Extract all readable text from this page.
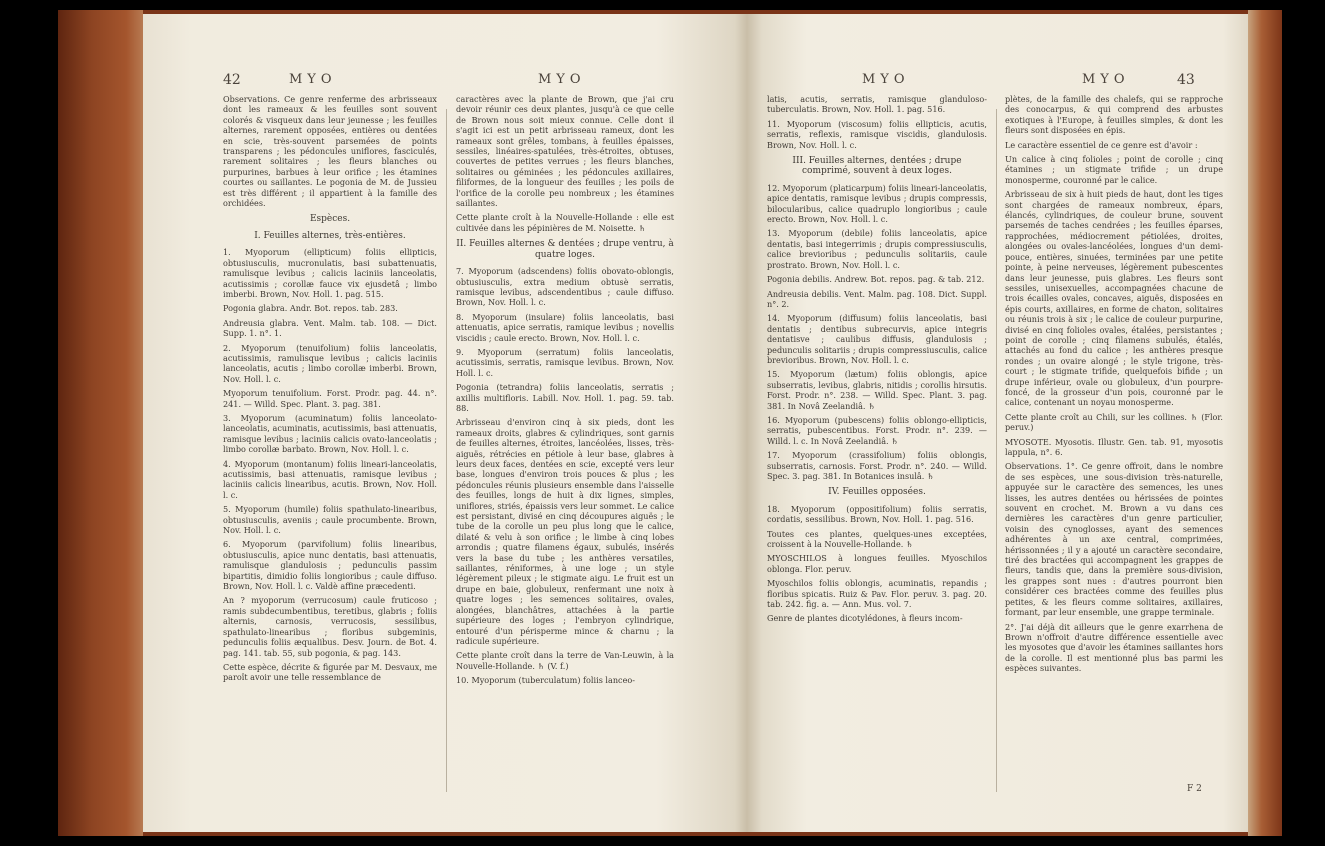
42	MYO	MYO

Observations. Ce genre renferme des arbrisseaux dont les rameaux & les feuilles sont souvent colorés & visqueux dans leur jeunesse ; les feuilles alternes, rarement opposées, entières ou dentées en scie, très-souvent parsemées de points transparens ; les pédoncules uniflores, fasciculés, rarement solitaires ; les fleurs blanches ou purpurines, barbues à leur orifice ; les étamines courtes ou saillantes. Le pogonia de M. de Jussieu est très différent ; il appartient à la famille des orchidées.

Espèces.

I. Feuilles alternes, très-entières.

1. Myoporum (ellipticum) foliis ellipticis, obtusiusculis, mucronulatis, basi subattenuatis, ramulisque levibus ; calicis laciniis lanceolatis, acutissimis ; corollæ fauce vix ejusdetâ ; limbo imberbi. Brown, Nov. Holl. 1. pag. 515.

Pogonia glabra. Andr. Bot. repos. tab. 283.

Andreusia glabra. Vent. Malm. tab. 108. — Dict. Supp. 1. n°. 1.

2. Myoporum (tenuifolium) foliis lanceolatis, acutissimis, ramulisque levibus ; calicis laciniis lanceolatis, acutis ; limbo corollæ imberbi. Brown, Nov. Holl. l. c.

Myoporum tenuifolium. Forst. Prodr. pag. 44. n°. 241. — Willd. Spec. Plant. 3. pag. 381.

3. Myoporum (acuminatum) foliis lanceolato-lanceolatis, acuminatis, acutissimis, basi attenuatis, ramisque levibus ; laciniis calicis ovato-lanceolatis ; limbo corollæ barbato. Brown, Nov. Holl. l. c.

4. Myoporum (montanum) foliis lineari-lanceolatis, acutissimis, basi attenuatis, ramisque levibus ; laciniis calicis linearibus, acutis. Brown, Nov. Holl. l. c.

5. Myoporum (humile) foliis spathulato-linearibus, obtusiusculis, aveniis ; caule procumbente. Brown, Nov. Holl. l. c.

6. Myoporum (parvifolium) foliis linearibus, obtusiusculis, apice nunc dentatis, basi attenuatis, ramulisque glandulosis ; pedunculis passim bipartitis, dimidio foliis longioribus ; caule diffuso. Brown, Nov. Holl. l. c. Valdè affine præcedenti.

An ? myoporum (verrucosum) caule fruticoso ; ramis subdecumbentibus, teretibus, glabris ; foliis alternis, carnosis, verrucosis, sessilibus, spathulato-linearibus ; floribus subgeminis, pedunculis foliis æqualibus. Desv. Journ. de Bot. 4. pag. 141. tab. 55, sub pogonia, & pag. 143.

Cette espèce, décrite & figurée par M. Desvaux, me paroît avoir une telle ressemblance de

caractères avec la plante de Brown, que j'ai cru devoir réunir ces deux plantes, jusqu'à ce que celle de Brown nous soit mieux connue. Celle dont il s'agit ici est un petit arbrisseau rameux, dont les rameaux sont grêles, tombans, à feuilles épaisses, sessiles, linéaires-spatulées, très-étroites, obtuses, couvertes de petites verrues ; les fleurs blanches, solitaires ou géminées ; les pédoncules axillaires, filiformes, de la longueur des feuilles ; les poils de l'orifice de la corolle peu nombreux ; les étamines saillantes.

Cette plante croît à la Nouvelle-Hollande : elle est cultivée dans les pépinières de M. Noisette. ♄

II. Feuilles alternes & dentées ; drupe ventru, à quatre loges.

7. Myoporum (adscendens) foliis obovato-oblongis, obtusiusculis, extra medium obtusè serratis, ramisque levibus, adscendentibus ; caule diffuso. Brown, Nov. Holl. l. c.

8. Myoporum (insulare) foliis lanceolatis, basi attenuatis, apice serratis, ramique levibus ; novellis viscidis ; caule erecto. Brown, Nov. Holl. l. c.

9. Myoporum (serratum) foliis lanceolatis, acutissimis, serratis, ramisque levibus. Brown, Nov. Holl. l. c.

Pogonia (tetrandra) foliis lanceolatis, serratis ; axillis multifloris. Labill. Nov. Holl. 1. pag. 59. tab. 88.

Arbrisseau d'environ cinq à six pieds, dont les rameaux droits, glabres & cylindriques, sont garnis de feuilles alternes, étroites, lancéolées, lisses, très-aiguës, rétrécies en pétiole à leur base, glabres à leurs deux faces, dentées en scie, excepté vers leur base, longues d'environ trois pouces & plus ; les pédoncules réunis plusieurs ensemble dans l'aisselle des feuilles, longs de huit à dix lignes, simples, uniflores, striés, épaissis vers leur sommet. Le calice est persistant, divisé en cinq découpures aiguës ; le tube de la corolle un peu plus long que le calice, dilaté & velu à son orifice ; le limbe à cinq lobes arrondis ; quatre filamens égaux, subulés, insérés vers la base du tube ; les anthères versatiles, saillantes, réniformes, à une loge ; un style légèrement pileux ; le stigmate aigu. Le fruit est un drupe en baie, globuleux, renfermant une noix à quatre loges ; les semences solitaires, ovales, alongées, blanchâtres, attachées à la partie supérieure des loges ; l'embryon cylindrique, entouré d'un périsperme mince & charnu ; la radicule supérieure.

Cette plante croît dans la terre de Van-Leuwin, à la Nouvelle-Hollande. ♄ (V. f.)

10. Myoporum (tuberculatum) foliis lanceo-

MYO	MYO	43

latis, acutis, serratis, ramisque glanduloso-tuberculatis. Brown, Nov. Holl. 1. pag. 516.

11. Myoporum (viscosum) foliis ellipticis, acutis, serratis, reflexis, ramisque viscidis, glandulosis. Brown, Nov. Holl. l. c.

III. Feuilles alternes, dentées ; drupe comprimé, souvent à deux loges.

12. Myoporum (platicarpum) foliis lineari-lanceolatis, apice dentatis, ramisque levibus ; drupis compressis, bilocularibus, calice quadruplo longioribus ; caule erecto. Brown, Nov. Holl. l. c.

13. Myoporum (debile) foliis lanceolatis, apice dentatis, basi integerrimis ; drupis compressiusculis, calice brevioribus ; pedunculis solitariis, caule prostrato. Brown, Nov. Holl. l. c.

Pogonia debilis. Andrew. Bot. repos. pag. & tab. 212.

Andreusia debilis. Vent. Malm. pag. 108. Dict. Suppl. n°. 2.

14. Myoporum (diffusum) foliis lanceolatis, basi dentatis ; dentibus subrecurvis, apice integris dentatisve ; caulibus diffusis, glandulosis ; pedunculis solitariis ; drupis compressiusculis, calice brevioribus. Brown, Nov. Holl. l. c.

15. Myoporum (lætum) foliis oblongis, apice subserratis, levibus, glabris, nitidis ; corollis hirsutis. Forst. Prodr. n°. 238. — Willd. Spec. Plant. 3. pag. 381. In Novâ Zeelandiâ. ♄

16. Myoporum (pubescens) foliis oblongo-ellipticis, serratis, pubescentibus. Forst. Prodr. n°. 239. — Willd. l. c. In Novâ Zeelandiâ. ♄

17. Myoporum (crassifolium) foliis oblongis, subserratis, carnosis. Forst. Prodr. n°. 240. — Willd. Spec. 3. pag. 381. In Botanices insulâ. ♄

IV. Feuilles opposées.

18. Myoporum (oppositifolium) foliis serratis, cordatis, sessilibus. Brown, Nov. Holl. 1. pag. 516.

Toutes ces plantes, quelques-unes exceptées, croissent à la Nouvelle-Hollande. ♄

MYOSCHILOS à longues feuilles. Myoschilos oblonga. Flor. peruv.

Myoschilos foliis oblongis, acuminatis, repandis ; floribus spicatis. Ruiz & Pav. Flor. peruv. 3. pag. 20. tab. 242. fig. a. — Ann. Mus. vol. 7.

Genre de plantes dicotylédones, à fleurs incom-

plètes, de la famille des chalefs, qui se rapproche des conocarpus, & qui comprend des arbustes exotiques à l'Europe, à feuilles simples, & dont les fleurs sont disposées en épis.

Le caractère essentiel de ce genre est d'avoir :

Un calice à cinq folioles ; point de corolle ; cinq étamines ; un stigmate trifide ; un drupe monosperme, couronné par le calice.

Arbrisseau de six à huit pieds de haut, dont les tiges sont chargées de rameaux nombreux, épars, élancés, cylindriques, de couleur brune, souvent parsemés de taches cendrées ; les feuilles éparses, rapprochées, médiocrement pétiolées, droites, alongées ou ovales-lancéolées, longues d'un demi-pouce, entières, sinuées, terminées par une petite pointe, à peine nerveuses, légèrement pubescentes dans leur jeunesse, puis glabres. Les fleurs sont sessiles, unisexuelles, accompagnées chacune de trois écailles ovales, concaves, aiguës, disposées en épis courts, axillaires, en forme de chaton, solitaires ou réunis trois à six ; le calice de couleur purpurine, divisé en cinq folioles ovales, étalées, persistantes ; point de corolle ; cinq filamens subulés, étalés, attachés au fond du calice ; les anthères presque rondes ; un ovaire alongé ; le style trigone, très-court ; le stigmate trifide, quelquefois bifide ; un drupe inférieur, ovale ou globuleux, d'un pourpre-foncé, de la grosseur d'un pois, couronné par le calice, contenant un noyau monosperme.

Cette plante croît au Chili, sur les collines. ♄ (Flor. peruv.)

MYOSOTE. Myosotis. Illustr. Gen. tab. 91, myosotis lappula, n°. 6.

Observations. 1°. Ce genre offroit, dans le nombre de ses espèces, une sous-division très-naturelle, appuyée sur le caractère des semences, les unes lisses, les autres dentées ou hérissées de pointes souvent en crochet. M. Brown a vu dans ces dernières les caractères d'un genre particulier, voisin des cynoglosses, ayant des semences adhérentes à un axe central, comprimées, hérissonnées ; il y a ajouté un caractère secondaire, tiré des bractées qui accompagnent les grappes de fleurs, tandis que, dans la première sous-division, les grappes sont nues : d'autres pourront bien considérer ces bractées comme des feuilles plus petites, & les fleurs comme solitaires, axillaires, formant, par leur ensemble, une grappe terminale.

2°. J'ai déjà dit ailleurs que le genre exarrhena de Brown n'offroit d'autre différence essentielle avec les myosotes que d'avoir les étamines saillantes hors de la corolle. Il est mentionné plus bas parmi les espèces suivantes.

F 2
